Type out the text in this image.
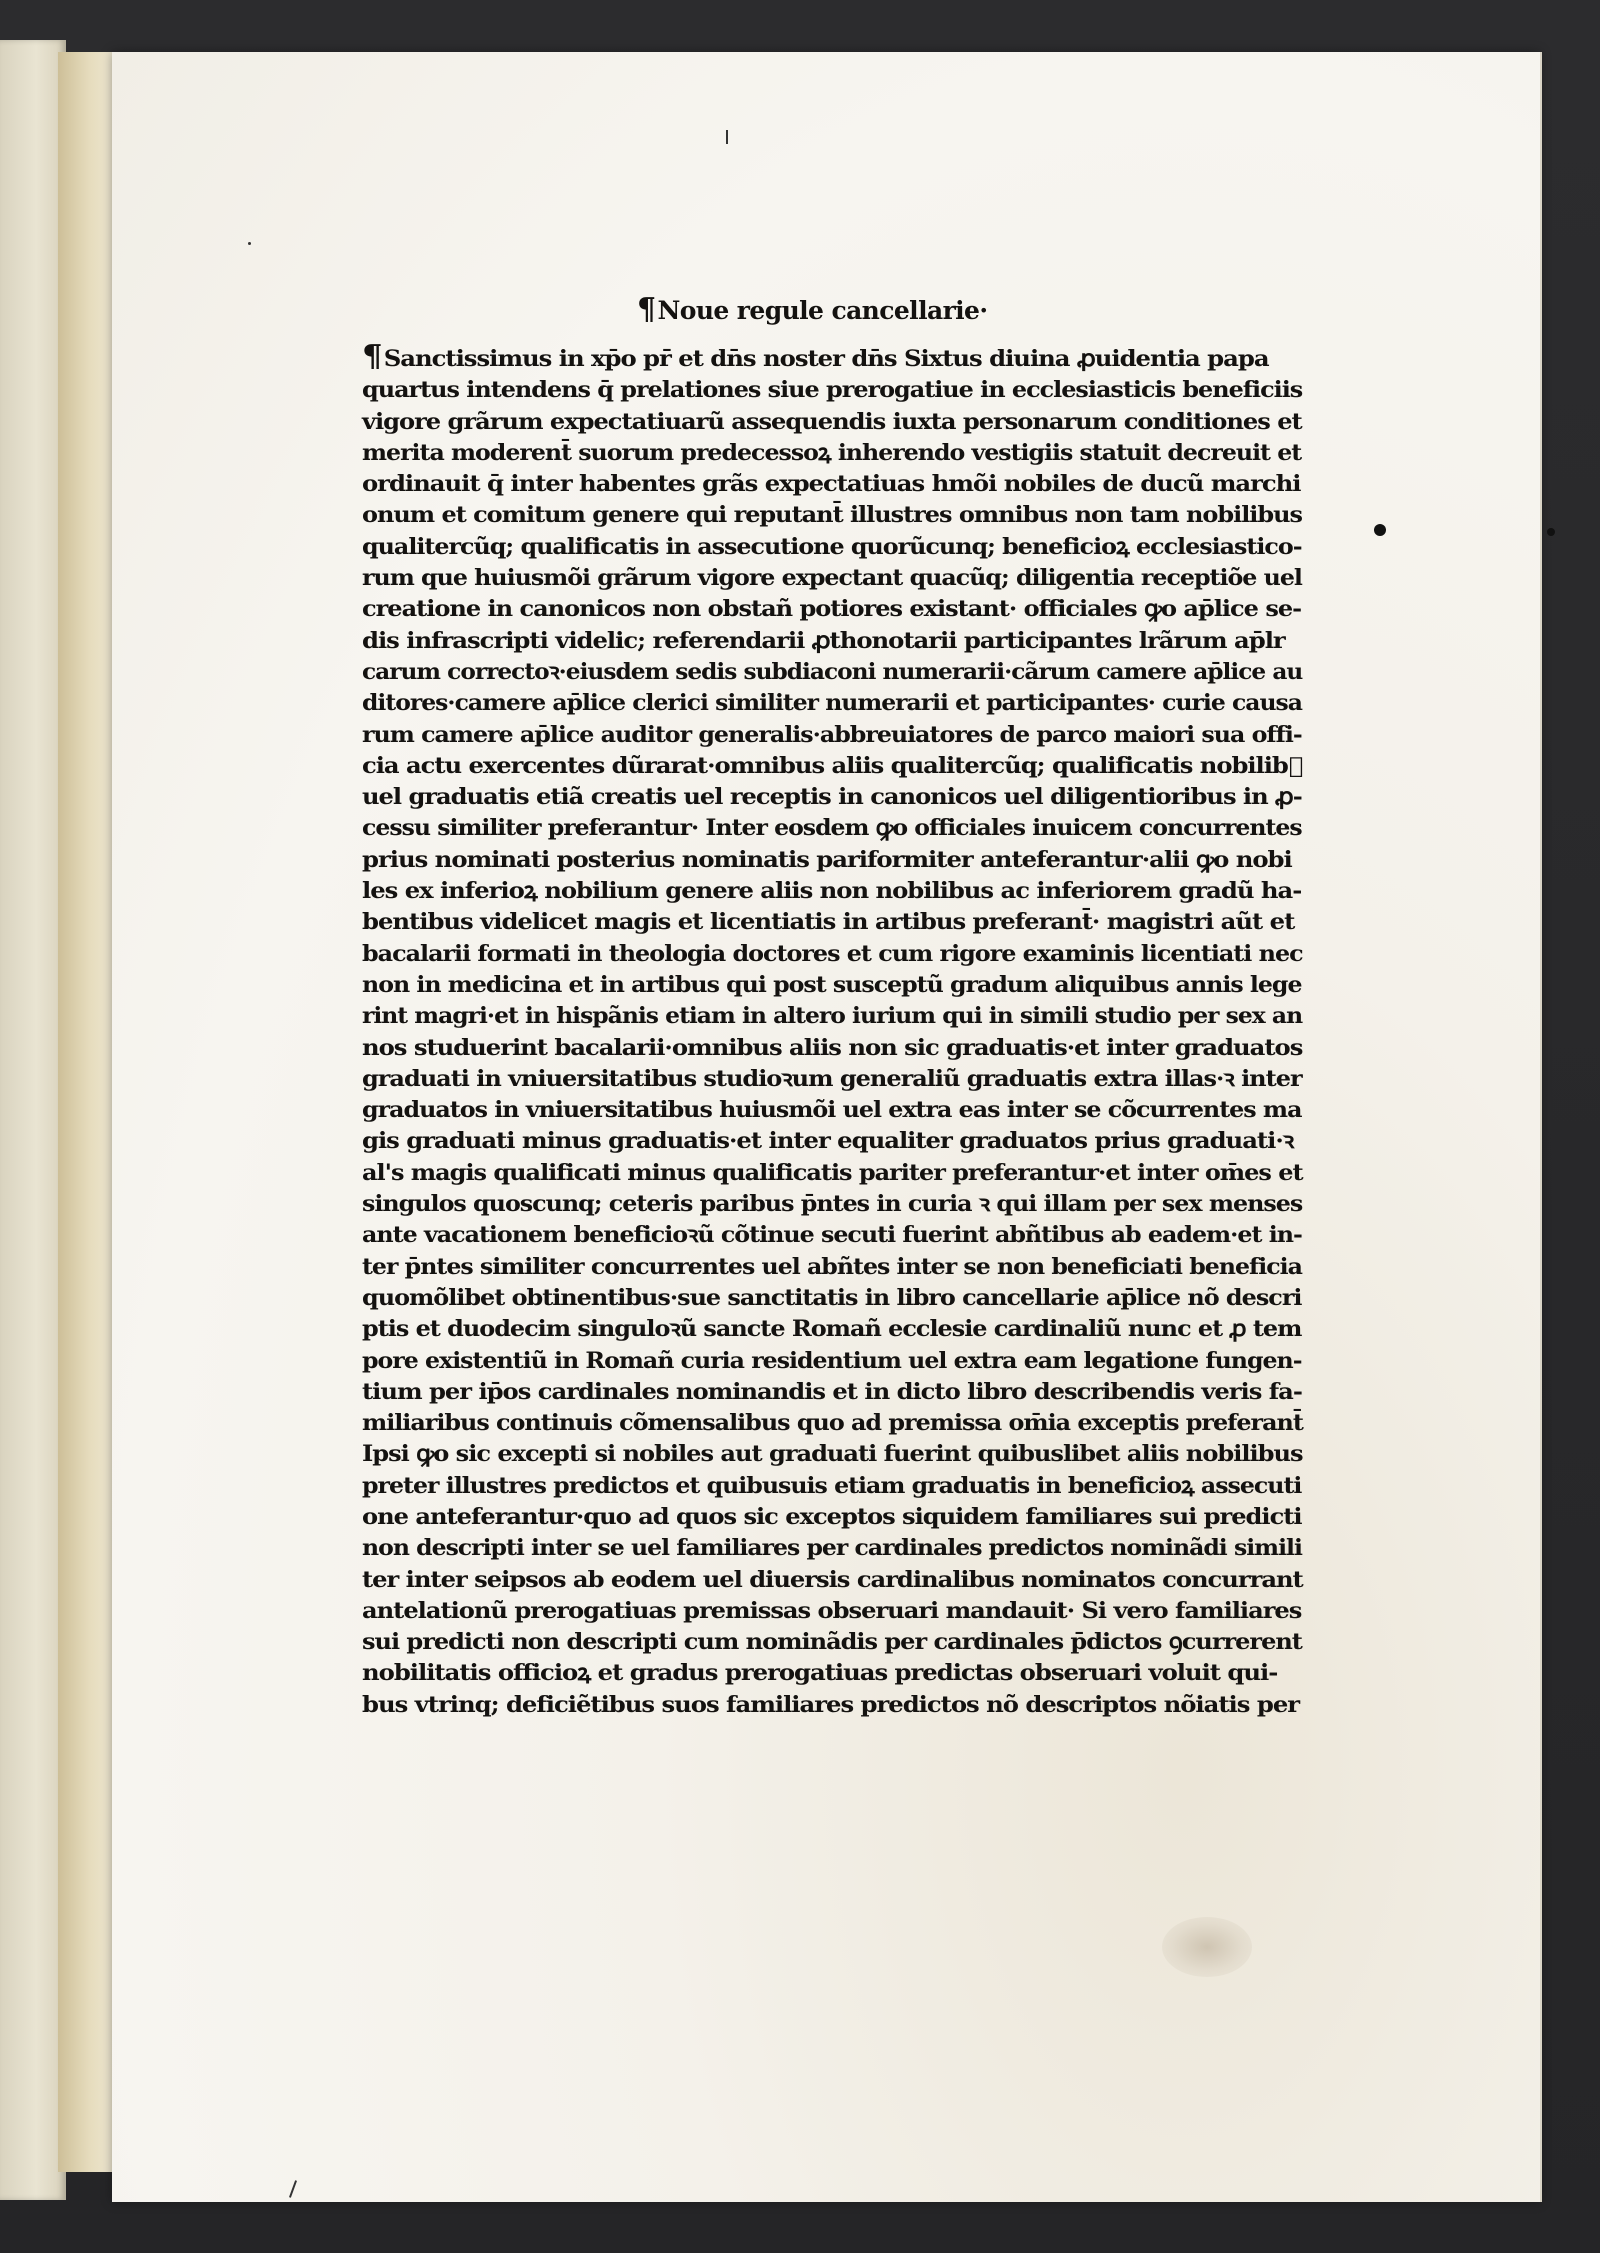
¶Noue regule cancellarie·
¶Sanctissimus in xp̄o pr̄ et dn̄s noster dn̄s Sixtus diuina ꝓuidentia papa
quartus intendens q̄ prelationes siue prerogatiue in ecclesiasticis beneficiis
vigore grãrum expectatiuarũ assequendis iuxta personarum conditiones et
merita moderent̄ suorum predecessoꝝ inherendo vestigiis statuit decreuit et
ordinauit q̄ inter habentes grãs expectatiuas hmõi nobiles de ducũ marchi
onum et comitum genere qui reputant̄ illustres omnibus non tam nobilibus
qualitercũq; qualificatis in assecutione quorũcunq; beneficioꝝ ecclesiastico-
rum que huiusmõi grãrum vigore expectant quacũq; diligentia receptiõe uel
creatione in canonicos non obstañ potiores existant· officiales ꝙo ap̄lice se-
dis infrascripti videlic; referendarii ꝓthonotarii participantes lrãrum ap̄lr
carum correctoꝛ·eiusdem sedis subdiaconi numerarii·cãrum camere ap̄lice au
ditores·camere ap̄lice clerici similiter numerarii et participantes· curie causa
rum camere ap̄lice auditor generalis·abbreuiatores de parco maiori sua offi-
cia actu exercentes dũrarat·omnibus aliis qualitercũq; qualificatis nobilib᷒
uel graduatis etiã creatis uel receptis in canonicos uel diligentioribus in ꝓ-
cessu similiter preferantur· Inter eosdem ꝙo officiales inuicem concurrentes
prius nominati posterius nominatis pariformiter anteferantur·alii ꝙo nobi
les ex inferioꝝ nobilium genere aliis non nobilibus ac inferiorem gradũ ha-
bentibus videlicet magis et licentiatis in artibus preferant̄· magistri aũt et
bacalarii formati in theologia doctores et cum rigore examinis licentiati nec
non in medicina et in artibus qui post susceptũ gradum aliquibus annis lege
rint magri·et in hispãnis etiam in altero iurium qui in simili studio per sex an
nos studuerint bacalarii·omnibus aliis non sic graduatis·et inter graduatos
graduati in vniuersitatibus studioꝛum generaliũ graduatis extra illas·ꝛ inter
graduatos in vniuersitatibus huiusmõi uel extra eas inter se cõcurrentes ma
gis graduati minus graduatis·et inter equaliter graduatos prius graduati·ꝛ
al's magis qualificati minus qualificatis pariter preferantur·et inter om̄es et
singulos quoscunq; ceteris paribus p̄ntes in curia ꝛ qui illam per sex menses
ante vacationem beneficioꝛũ cõtinue secuti fuerint abñtibus ab eadem·et in-
ter p̄ntes similiter concurrentes uel abñtes inter se non beneficiati beneficia
quomõlibet obtinentibus·sue sanctitatis in libro cancellarie ap̄lice nõ descri
ptis et duodecim singuloꝛũ sancte Romañ ecclesie cardinaliũ nunc et ꝓ tem
pore existentiũ in Romañ curia residentium uel extra eam legatione fungen-
tium per ip̄os cardinales nominandis et in dicto libro describendis veris fa-
miliaribus continuis cõmensalibus quo ad premissa om̄ia exceptis preferant̄
Ipsi ꝙo sic excepti si nobiles aut graduati fuerint quibuslibet aliis nobilibus
preter illustres predictos et quibusuis etiam graduatis in beneficioꝝ assecuti
one anteferantur·quo ad quos sic exceptos siquidem familiares sui predicti
non descripti inter se uel familiares per cardinales predictos nominãdi simili
ter inter seipsos ab eodem uel diuersis cardinalibus nominatos concurrant
antelationũ prerogatiuas premissas obseruari mandauit· Si vero familiares
sui predicti non descripti cum nominãdis per cardinales p̄dictos ꝯcurrerent
nobilitatis officioꝝ et gradus prerogatiuas predictas obseruari voluit qui-
bus vtrinq; deficiẽtibus suos familiares predictos nõ descriptos nõiatis per
